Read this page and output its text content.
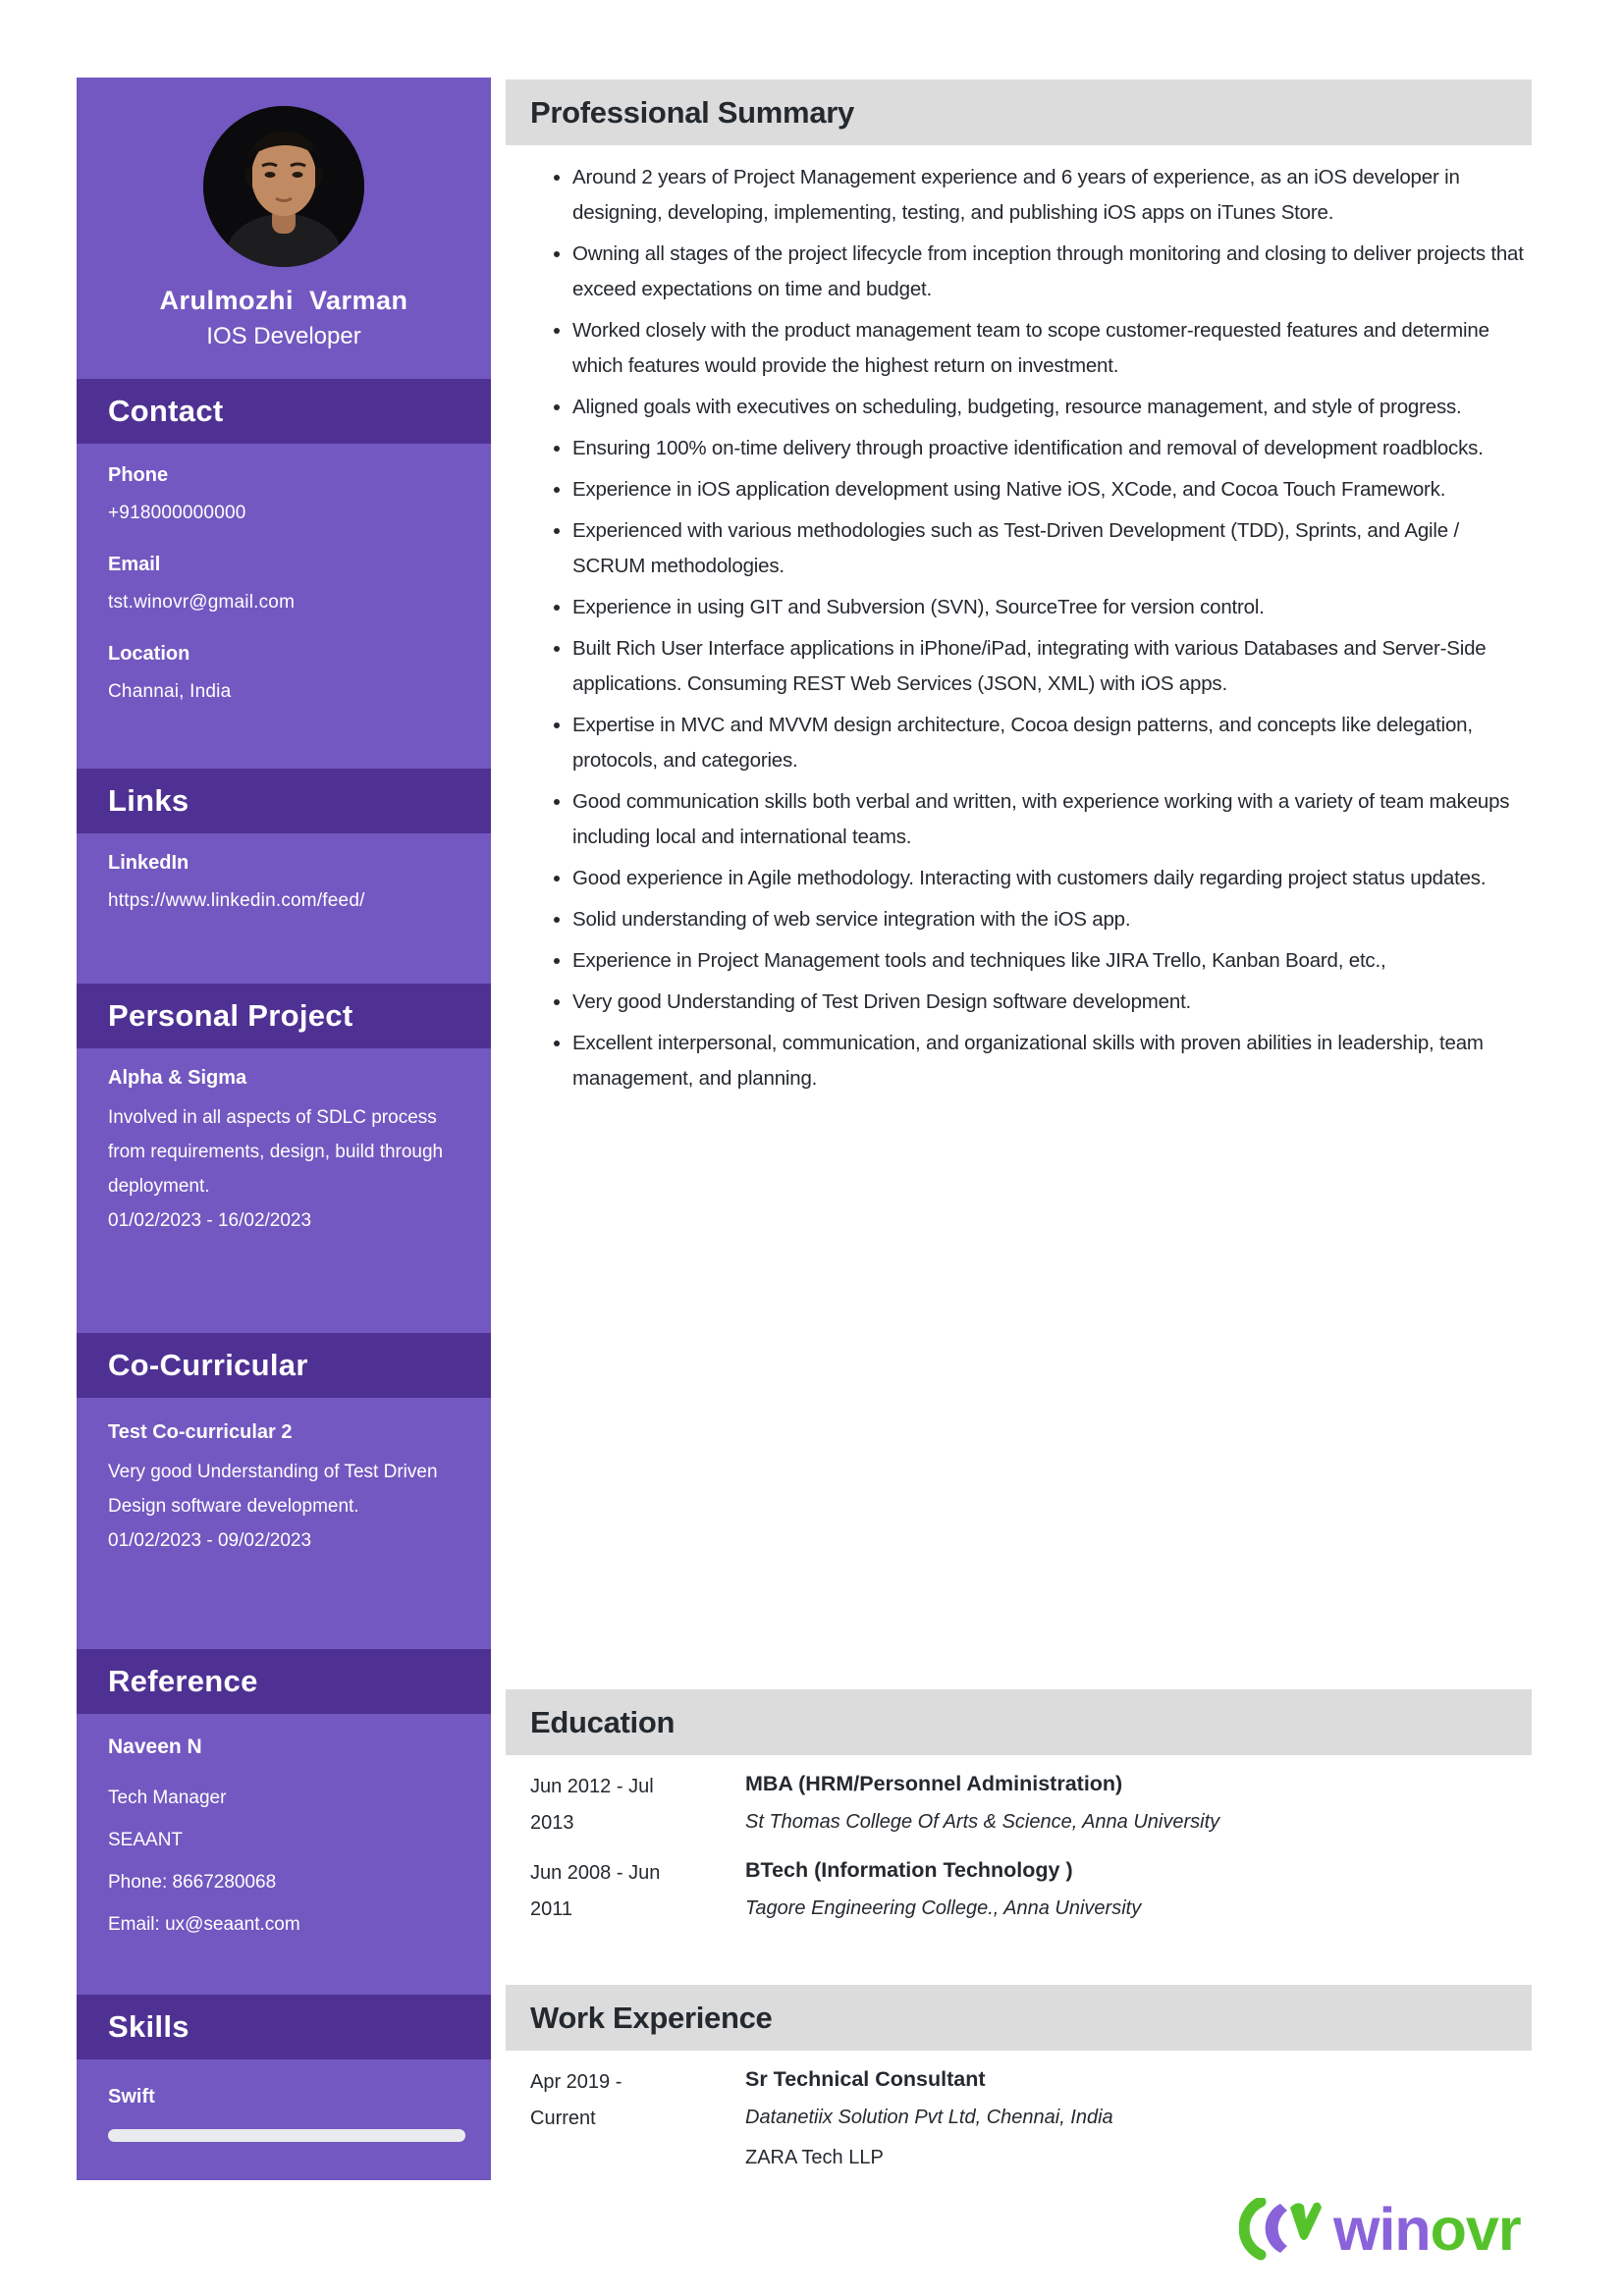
Arulmozhi  Varman
IOS Developer
Contact
Phone
+918000000000
Email
tst.winovr@gmail.com
Location
Channai, India
Links
LinkedIn
https://www.linkedin.com/feed/
Personal Project
Alpha & Sigma
Involved in all aspects of SDLC process from requirements, design, build through deployment.
01/02/2023 - 16/02/2023
Co-Curricular
Test Co-curricular 2
Very good Understanding of Test Driven Design software development.
01/02/2023 - 09/02/2023
Reference
Naveen N
Tech Manager
SEAANT
Phone: 8667280068
Email: ux@seaant.com
Skills
Swift
Professional Summary
• Around 2 years of Project Management experience and 6 years of experience, as an iOS developer in designing, developing, implementing, testing, and publishing iOS apps on iTunes Store.
• Owning all stages of the project lifecycle from inception through monitoring and closing to deliver projects that exceed expectations on time and budget.
• Worked closely with the product management team to scope customer-requested features and determine which features would provide the highest return on investment.
• Aligned goals with executives on scheduling, budgeting, resource management, and style of progress.
• Ensuring 100% on-time delivery through proactive identification and removal of development roadblocks.
• Experience in iOS application development using Native iOS, XCode, and Cocoa Touch Framework.
• Experienced with various methodologies such as Test-Driven Development (TDD), Sprints, and Agile / SCRUM methodologies.
• Experience in using GIT and Subversion (SVN), SourceTree for version control.
• Built Rich User Interface applications in iPhone/iPad, integrating with various Databases and Server-Side applications. Consuming REST Web Services (JSON, XML) with iOS apps.
• Expertise in MVC and MVVM design architecture, Cocoa design patterns, and concepts like delegation, protocols, and categories.
• Good communication skills both verbal and written, with experience working with a variety of team makeups including local and international teams.
• Good experience in Agile methodology. Interacting with customers daily regarding project status updates.
• Solid understanding of web service integration with the iOS app.
• Experience in Project Management tools and techniques like JIRA Trello, Kanban Board, etc.,
• Very good Understanding of Test Driven Design software development.
• Excellent interpersonal, communication, and organizational skills with proven abilities in leadership, team management, and planning.
Education
Jun 2012 - Jul 2013
MBA (HRM/Personnel Administration)
St Thomas College Of Arts & Science, Anna University
Jun 2008 - Jun 2011
BTech (Information Technology )
Tagore Engineering College., Anna University
Work Experience
Apr 2019 - Current
Sr Technical Consultant
Datanetiix Solution Pvt Ltd, Chennai, India
ZARA Tech LLP
winovr
